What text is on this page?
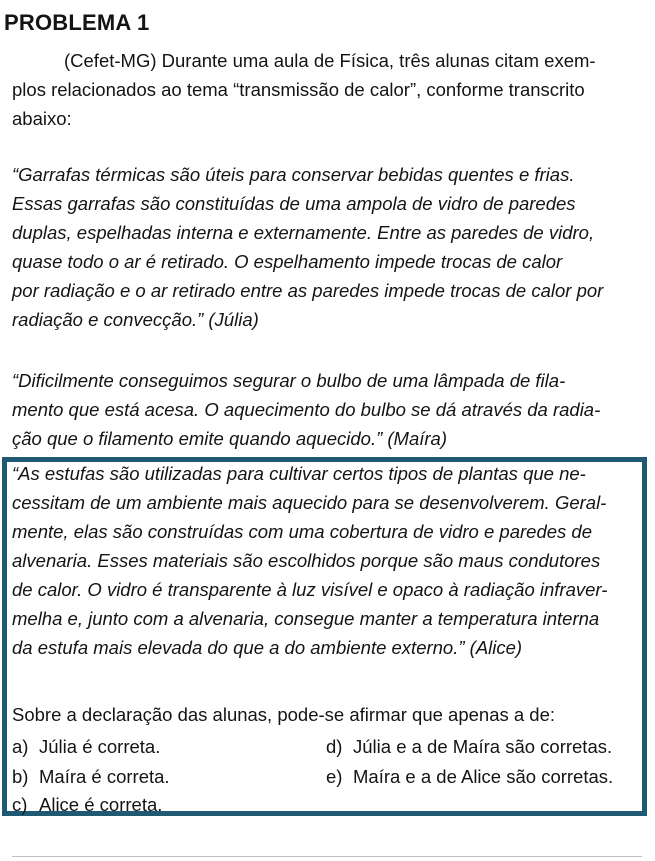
PROBLEMA 1
(Cefet-MG) Durante uma aula de Física, três alunas citam exem-
plos relacionados ao tema “transmissão de calor”, conforme transcrito
abaixo:
“Garrafas térmicas são úteis para conservar bebidas quentes e frias.
Essas garrafas são constituídas de uma ampola de vidro de paredes
duplas, espelhadas interna e externamente. Entre as paredes de vidro,
quase todo o ar é retirado. O espelhamento impede trocas de calor
por radiação e o ar retirado entre as paredes impede trocas de calor por
radiação e convecção.” (Júlia)
“Dificilmente conseguimos segurar o bulbo de uma lâmpada de fila-
mento que está acesa. O aquecimento do bulbo se dá através da radia-
ção que o filamento emite quando aquecido.” (Maíra)
“As estufas são utilizadas para cultivar certos tipos de plantas que ne-
cessitam de um ambiente mais aquecido para se desenvolverem. Geral-
mente, elas são construídas com uma cobertura de vidro e paredes de
alvenaria. Esses materiais são escolhidos porque são maus condutores
de calor. O vidro é transparente à luz visível e opaco à radiação infraver-
melha e, junto com a alvenaria, consegue manter a temperatura interna
da estufa mais elevada do que a do ambiente externo.” (Alice)
Sobre a declaração das alunas, pode-se afirmar que apenas a de:
a) Júlia é correta.
b) Maíra é correta.
c) Alice é correta.
d) Júlia e a de Maíra são corretas.
e) Maíra e a de Alice são corretas.
